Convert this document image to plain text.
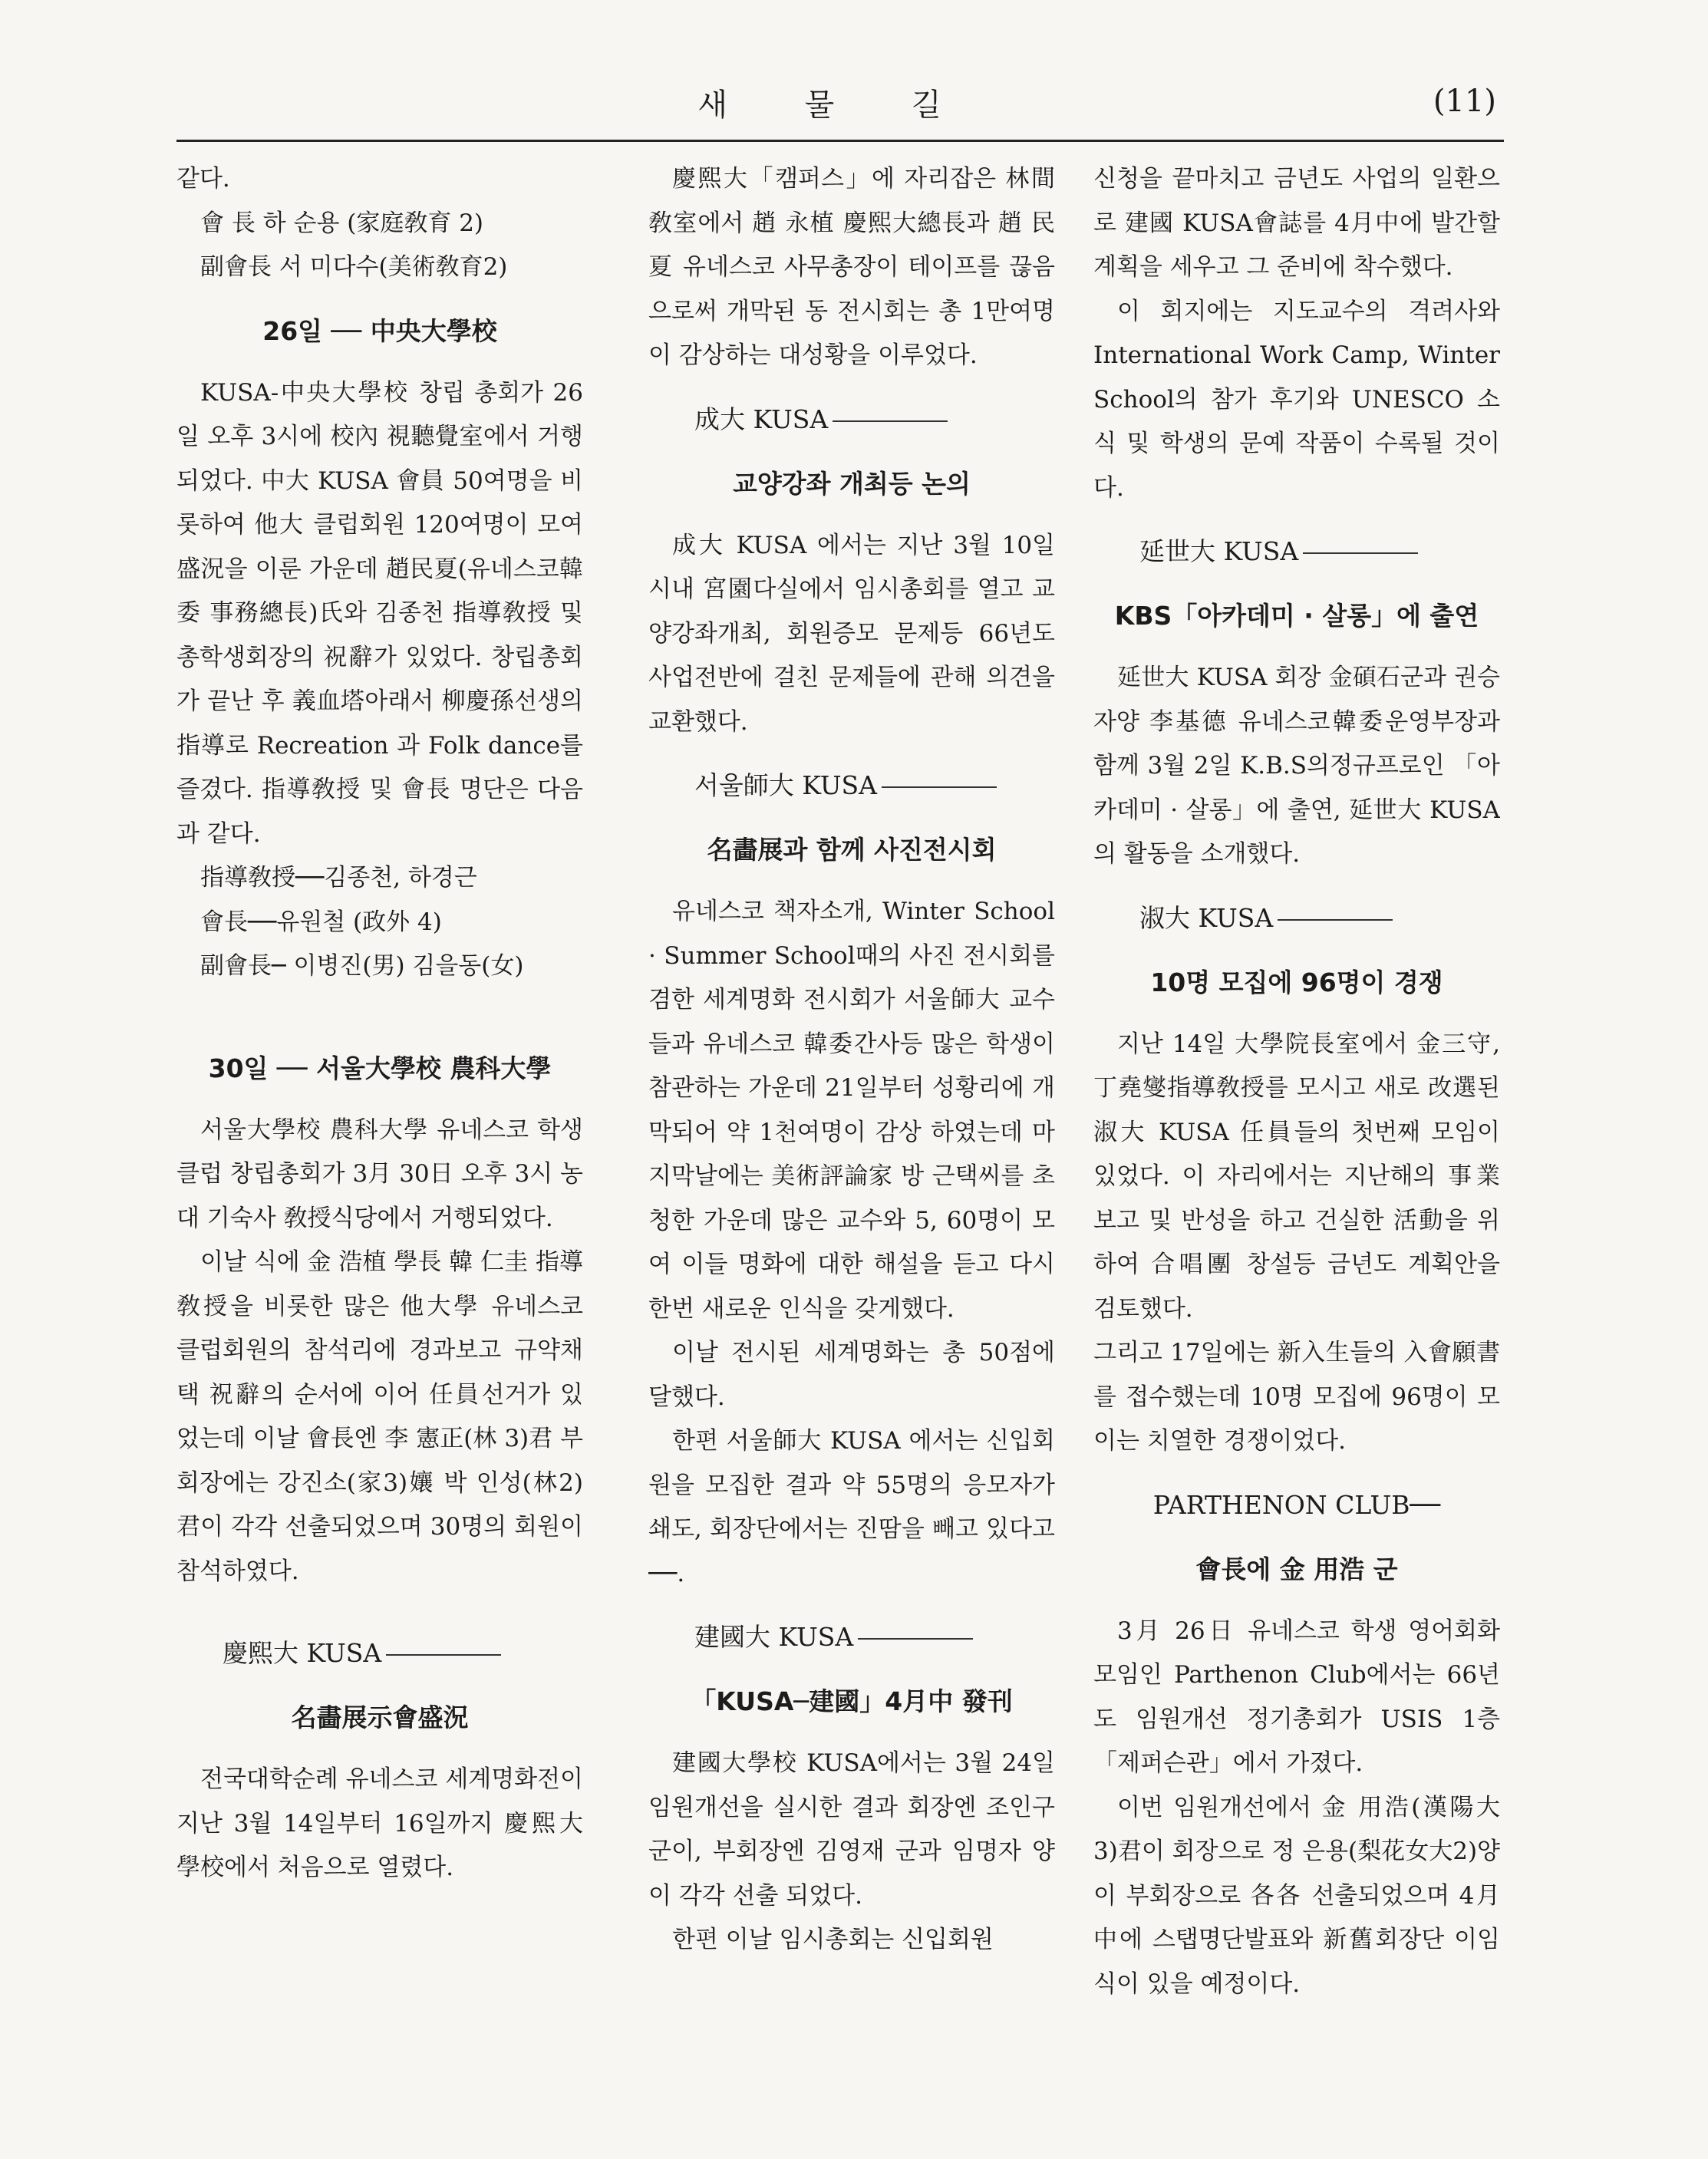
새 물 길	(11)

같다.

會 長 하 순용 (家庭敎育 2)

副會長 서 미다수(美術敎育2)

26일 ── 中央大學校

KUSA-中央大學校 창립 총회가 26일 오후 3시에 校內 視聽覺室에서 거행되었다. 中大 KUSA 會員 50여명을 비롯하여 他大 클럽회원 120여명이 모여 盛況을 이룬 가운데 趙民夏(유네스코韓委 事務總長)氏와 김종천 指導敎授 및 총학생회장의 祝辭가 있었다. 창립총회가 끝난 후 義血塔아래서 柳慶孫선생의 指導로 Recreation 과 Folk dance를 즐겼다. 指導敎授 및 會長 명단은 다음과 같다.

指導敎授──김종천, 하경근

會長──유원철 (政外 4)

副會長─ 이병진(男) 김을동(女)

30일 ── 서울大學校 農科大學

서울大學校 農科大學 유네스코 학생클럽 창립총회가 3月 30日 오후 3시 농대 기숙사 敎授식당에서 거행되었다.

이날 식에 金 浩植 學長 韓 仁圭 指導敎授을 비롯한 많은 他大學 유네스코 클럽회원의 참석리에 경과보고 규약채택 祝辭의 순서에 이어 任員선거가 있었는데 이날 會長엔 李 憲正(林 3)君 부회장에는 강진소(家3)孃 박 인성(林2) 君이 각각 선출되었으며 30명의 회원이 참석하였다.

慶熙大 KUSA
名畵展示會盛況

전국대학순례 유네스코 세계명화전이 지난 3월 14일부터 16일까지 慶熙大學校에서 처음으로 열렸다.

慶熙大「캠퍼스」에 자리잡은 林間敎室에서 趙 永植 慶熙大總長과 趙 民夏 유네스코 사무총장이 테이프를 끊음으로써 개막된 동 전시회는 총 1만여명이 감상하는 대성황을 이루었다.

成大 KUSA
교양강좌 개최등 논의

成大 KUSA 에서는 지난 3월 10일 시내 宮園다실에서 임시총회를 열고 교양강좌개최, 회원증모 문제등 66년도 사업전반에 걸친 문제들에 관해 의견을 교환했다.

서울師大 KUSA
名畵展과 함께 사진전시회

유네스코 책자소개, Winter School · Summer School때의 사진 전시회를 겸한 세계명화 전시회가 서울師大 교수들과 유네스코 韓委간사등 많은 학생이 참관하는 가운데 21일부터 성황리에 개막되어 약 1천여명이 감상 하였는데 마지막날에는 美術評論家 방 근택씨를 초청한 가운데 많은 교수와 5, 60명이 모여 이들 명화에 대한 해설을 듣고 다시 한번 새로운 인식을 갖게했다.

이날 전시된 세계명화는 총 50점에 달했다.

한편 서울師大 KUSA 에서는 신입회원을 모집한 결과 약 55명의 응모자가 쇄도, 회장단에서는 진땀을 빼고 있다고──.

建國大 KUSA
「KUSA─建國」4月中 發刊

建國大學校 KUSA에서는 3월 24일 임원개선을 실시한 결과 회장엔 조인구 군이, 부회장엔 김영재 군과 임명자 양이 각각 선출 되었다.

한편 이날 임시총회는 신입회원

신청을 끝마치고 금년도 사업의 일환으로 建國 KUSA會誌를 4月中에 발간할 계획을 세우고 그 준비에 착수했다.

이 회지에는 지도교수의 격려사와 International Work Camp, Winter School의 참가 후기와 UNESCO 소식 및 학생의 문예 작품이 수록될 것이다.

延世大 KUSA
KBS「아카데미 · 살롱」에 출연

延世大 KUSA 회장 金碩石군과 권승자양 李基德 유네스코韓委운영부장과 함께 3월 2일 K.B.S의정규프로인 「아카데미 · 살롱」에 출연, 延世大 KUSA의 활동을 소개했다.

淑大 KUSA
10명 모집에 96명이 경쟁

지난 14일 大學院長室에서 金三守, 丁堯燮指導敎授를 모시고 새로 改選된 淑大 KUSA 任員들의 첫번째 모임이 있었다. 이 자리에서는 지난해의 事業보고 및 반성을 하고 건실한 活動을 위하여 合唱團 창설등 금년도 계획안을 검토했다.

그리고 17일에는 新入生들의 入會願書를 접수했는데 10명 모집에 96명이 모이는 치열한 경쟁이었다.

PARTHENON CLUB──
會長에 金 用浩 군

3月 26日 유네스코 학생 영어회화 모임인 Parthenon Club에서는 66년도 임원개선 정기총회가 USIS 1층 「제퍼슨관」에서 가졌다.

이번 임원개선에서 金 用浩(漢陽大3)君이 회장으로 정 은용(梨花女大2)양이 부회장으로 各各 선출되었으며 4月中에 스탭명단발표와 新舊회장단 이임식이 있을 예정이다.
